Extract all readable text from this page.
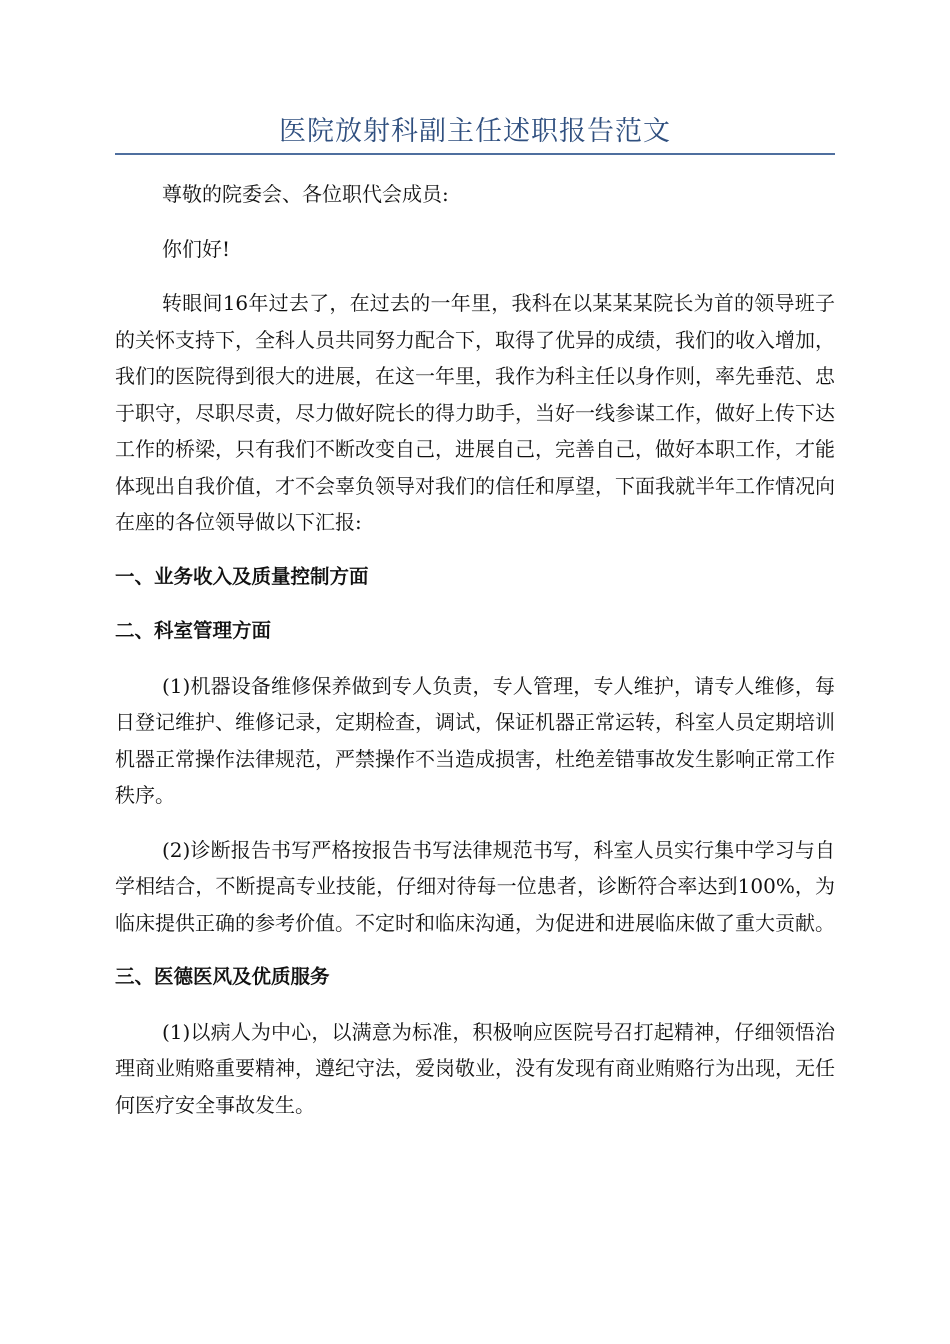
医院放射科副主任述职报告范文

尊敬的院委会、各位职代会成员:

你们好!

转眼间16年过去了，在过去的一年里，我科在以某某某院长为首的领导班子的关怀支持下，全科人员共同努力配合下，取得了优异的成绩，我们的收入增加，我们的医院得到很大的进展，在这一年里，我作为科主任以身作则，率先垂范、忠于职守，尽职尽责，尽力做好院长的得力助手，当好一线参谋工作，做好上传下达工作的桥梁，只有我们不断改变自己，进展自己，完善自己，做好本职工作，才能体现出自我价值，才不会辜负领导对我们的信任和厚望，下面我就半年工作情况向在座的各位领导做以下汇报:

一、业务收入及质量控制方面
二、科室管理方面

(1)机器设备维修保养做到专人负责，专人管理，专人维护，请专人维修，每日登记维护、维修记录，定期检查，调试，保证机器正常运转，科室人员定期培训机器正常操作法律规范，严禁操作不当造成损害，杜绝差错事故发生影响正常工作秩序。

(2)诊断报告书写严格按报告书写法律规范书写，科室人员实行集中学习与自学相结合，不断提高专业技能，仔细对待每一位患者，诊断符合率达到100%，为临床提供正确的参考价值。不定时和临床沟通，为促进和进展临床做了重大贡献。

三、医德医风及优质服务

(1)以病人为中心，以满意为标准，积极响应医院号召打起精神，仔细领悟治理商业贿赂重要精神，遵纪守法，爱岗敬业，没有发现有商业贿赂行为出现，无任何医疗安全事故发生。
